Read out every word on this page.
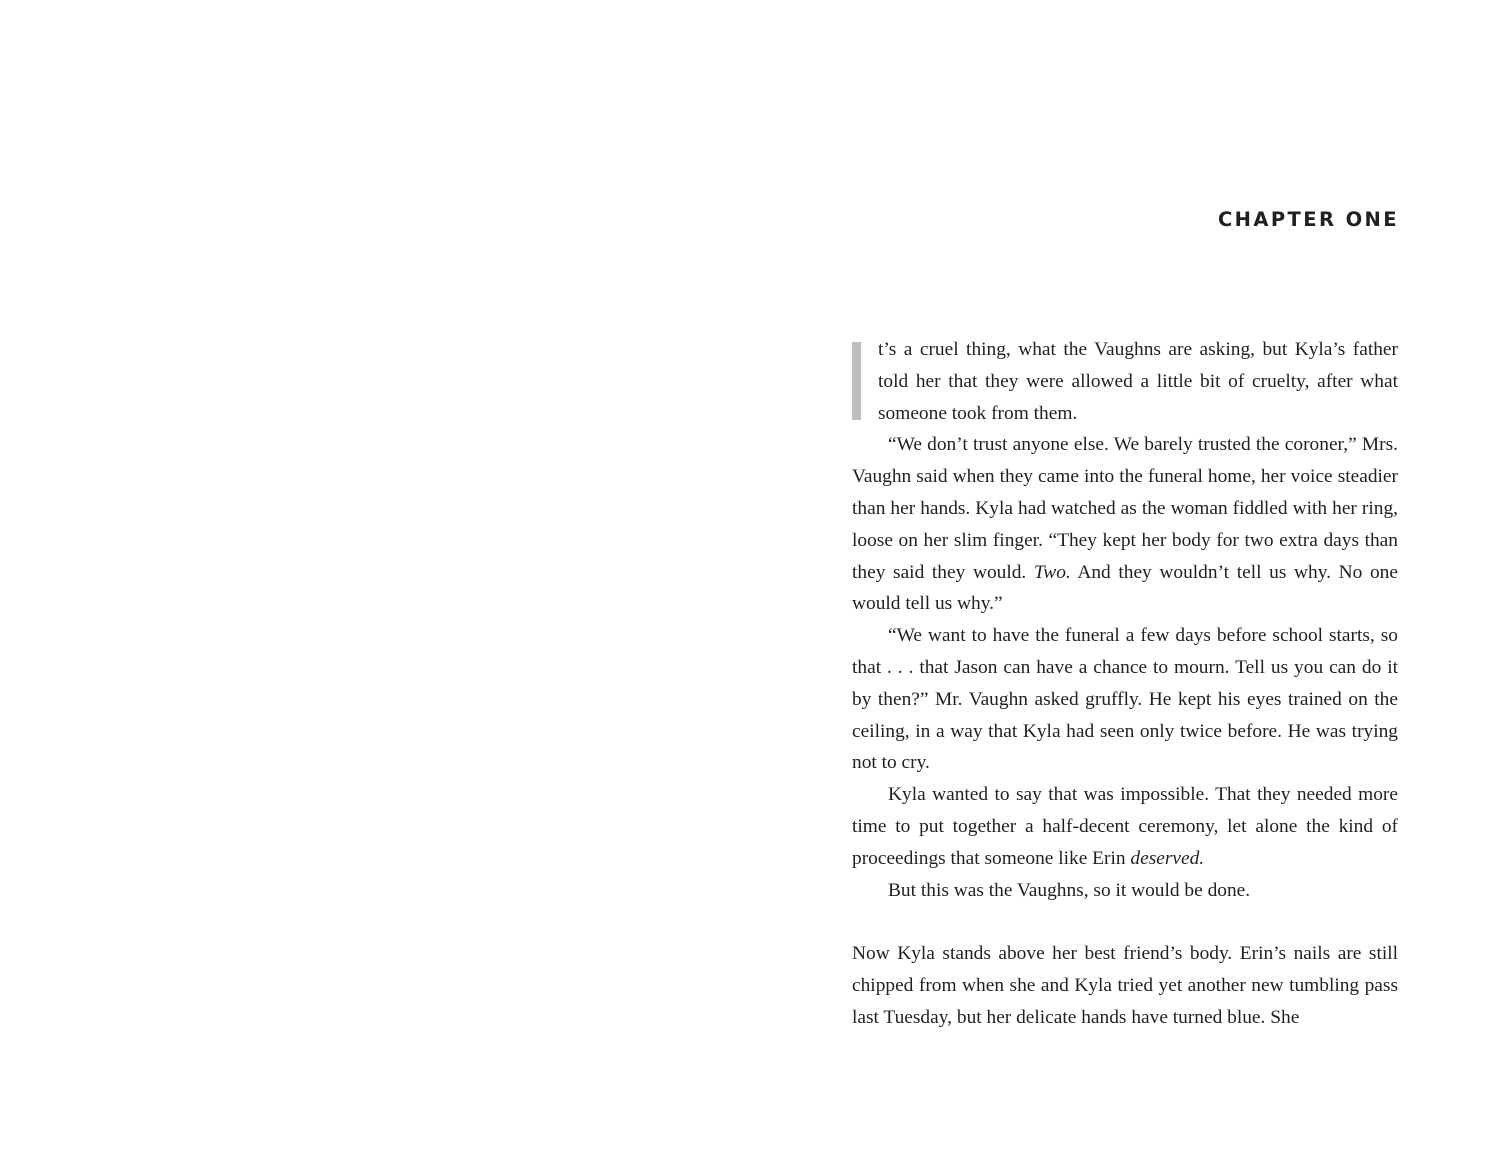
CHAPTER ONE

t’s a cruel thing, what the Vaughns are asking, but Kyla’s father told her that they were allowed a little bit of cruelty, after what someone took from them.

“We don’t trust anyone else. We barely trusted the coroner,” Mrs. Vaughn said when they came into the funeral home, her voice steadier than her hands. Kyla had watched as the woman fiddled with her ring, loose on her slim finger. “They kept her body for two extra days than they said they would. Two. And they wouldn’t tell us why. No one would tell us why.”

“We want to have the funeral a few days before school starts, so that . . . that Jason can have a chance to mourn. Tell us you can do it by then?” Mr. Vaughn asked gruffly. He kept his eyes trained on the ceiling, in a way that Kyla had seen only twice before. He was trying not to cry.

Kyla wanted to say that was impossible. That they needed more time to put together a half-decent ceremony, let alone the kind of proceedings that someone like Erin deserved.

But this was the Vaughns, so it would be done.

Now Kyla stands above her best friend’s body. Erin’s nails are still chipped from when she and Kyla tried yet another new tumbling pass last Tuesday, but her delicate hands have turned blue. She
